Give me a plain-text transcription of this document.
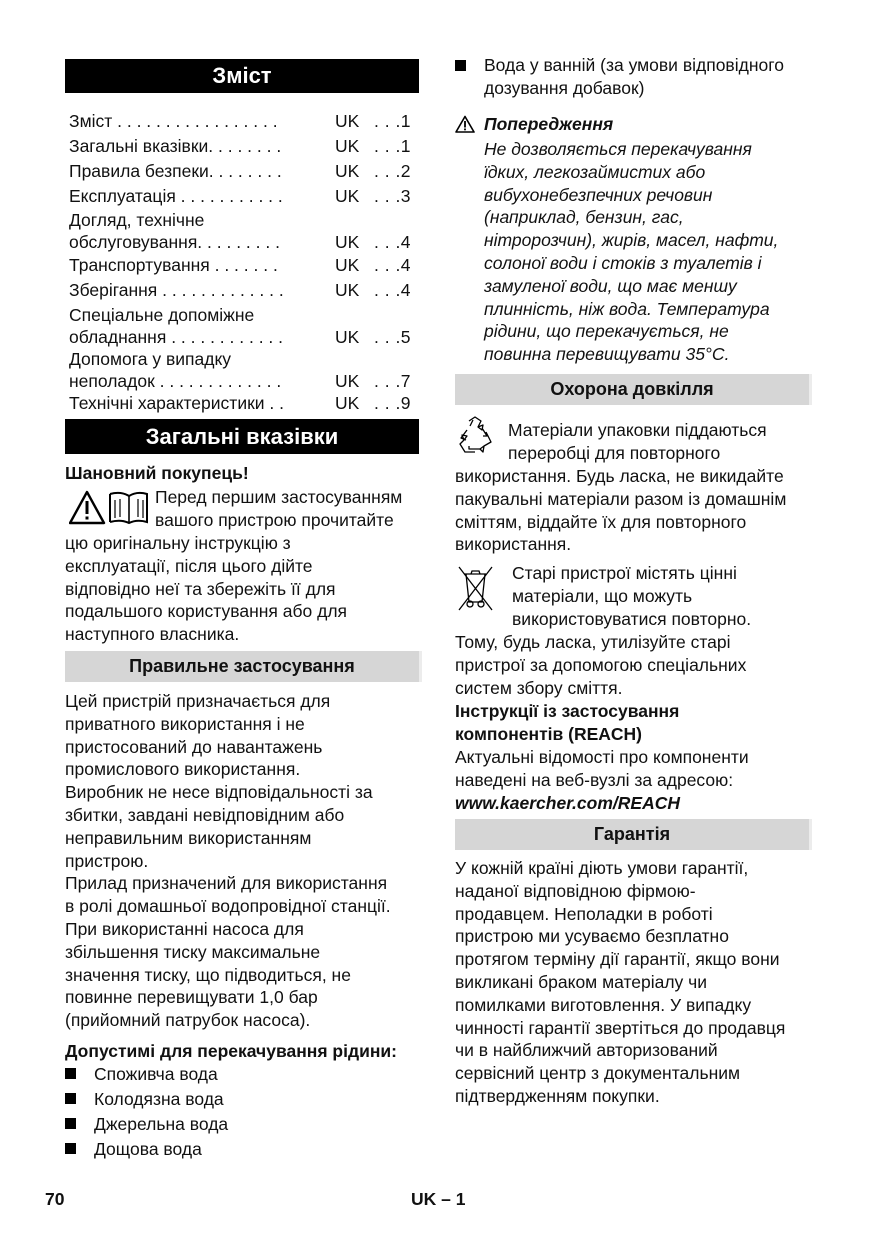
Зміст
Зміст . . . . . . . . . . . . . . . . .	UK . . .1
Загальні вказівки. . . . . . . .	UK . . .1
Правила безпеки. . . . . . . .	UK . . .2
Експлуатація . . . . . . . . . . .	UK . . .3
Догляд, технічне
обслуговування. . . . . . . . .	UK . . .4
Транспортування . . . . . . .	UK . . .4
Зберігання . . . . . . . . . . . . .	UK . . .4
Спеціальне допоміжне
обладнання . . . . . . . . . . . .	UK . . .5
Допомога у випадку
неполадок . . . . . . . . . . . . .	UK . . .7
Технічні характеристики . .	UK . . .9
Загальні вказівки
Шановний покупець!
Перед першим застосуванням
вашого пристрою прочитайте
цю оригінальну інструкцію з
експлуатації, після цього дійте
відповідно неї та збережіть її для
подальшого користування або для
наступного власника.
Правильне застосування
Цей пристрій призначається для
приватного використання і не
пристосований до навантажень
промислового використання.
Виробник не несе відповідальності за
збитки, завдані невідповідним або
неправильним використанням
пристрою.
Прилад призначений для використання
в ролі домашньої водопровідної станції.
При використанні насоса для
збільшення тиску максимальне
значення тиску, що підводиться, не
повинне перевищувати 1,0 бар
(прийомний патрубок насоса).
Допустимі для перекачування рідини:
Споживча вода
Колодязна вода
Джерельна вода
Дощова вода
Вода у ванній (за умови відповідного
дозування добавок)
Попередження
Не дозволяється перекачування
їдких, легкозаймистих або
вибухонебезпечних речовин
(наприклад, бензин, гас,
нітророзчин), жирів, масел, нафти,
солоної води і стоків з туалетів і
замуленої води, що має меншу
плинність, ніж вода. Температура
рідини, що перекачується, не
повинна перевищувати 35°C.
Охорона довкілля
Матеріали упаковки піддаються
переробці для повторного
використання. Будь ласка, не викидайте
пакувальні матеріали разом із домашнім
сміттям, віддайте їх для повторного
використання.
Старі пристрої містять цінні
матеріали, що можуть
використовуватися повторно.
Тому, будь ласка, утилізуйте старі
пристрої за допомогою спеціальних
систем збору сміття.
Інструкції із застосування
компонентів (REACH)
Актуальні відомості про компоненти
наведені на веб-вузлі за адресою:
www.kaercher.com/REACH
Гарантія
У кожній країні діють умови гарантії,
наданої відповідною фірмою-
продавцем. Неполадки в роботі
пристрою ми усуваємо безплатно
протягом терміну дії гарантії, якщо вони
викликані браком матеріалу чи
помилками виготовлення. У випадку
чинності гарантії звертіться до продавця
чи в найближчий авторизований
сервісний центр з документальним
підтвердженням покупки.
70	UK – 1
